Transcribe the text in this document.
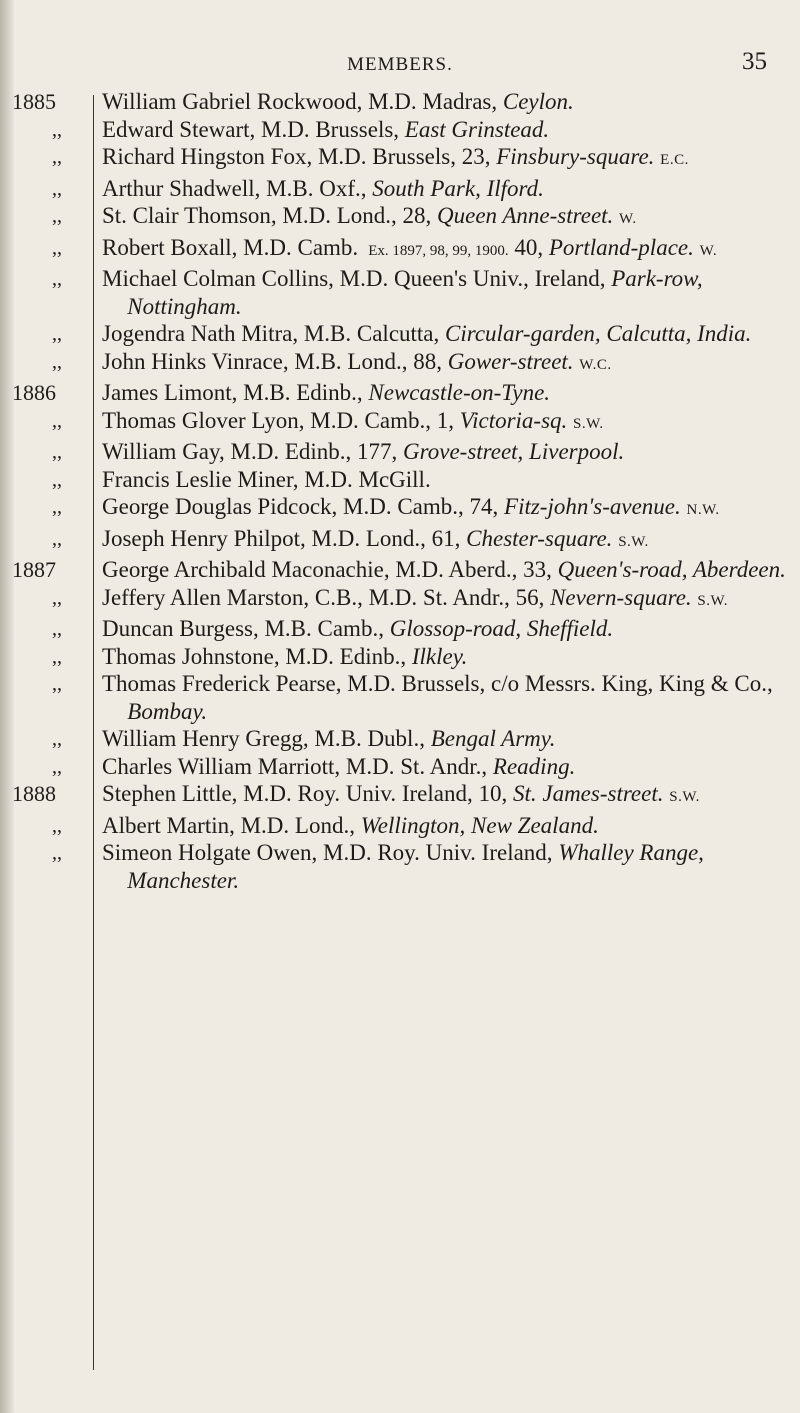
MEMBERS.	35
1885	William Gabriel Rockwood, M.D. Madras, Ceylon.
,,	Edward Stewart, M.D. Brussels, East Grinstead.
,,	Richard Hingston Fox, M.D. Brussels, 23, Finsbury-square. E.C.
,,	Arthur Shadwell, M.B. Oxf., South Park, Ilford.
,,	St. Clair Thomson, M.D. Lond., 28, Queen Anne-street. W.
,,	Robert Boxall, M.D. Camb. Ex. 1897, 98, 99, 1900. 40, Portland-place. W.
,,	Michael Colman Collins, M.D. Queen's Univ., Ireland, Park-row, Nottingham.
,,	Jogendra Nath Mitra, M.B. Calcutta, Circular-garden, Calcutta, India.
,,	John Hinks Vinrace, M.B. Lond., 88, Gower-street. W.C.
1886	James Limont, M.B. Edinb., Newcastle-on-Tyne.
,,	Thomas Glover Lyon, M.D. Camb., 1, Victoria-sq. S.W.
,,	William Gay, M.D. Edinb., 177, Grove-street, Liverpool.
,,	Francis Leslie Miner, M.D. McGill.
,,	George Douglas Pidcock, M.D. Camb., 74, Fitz-john's-avenue. N.W.
,,	Joseph Henry Philpot, M.D. Lond., 61, Chester-square. S.W.
1887	George Archibald Maconachie, M.D. Aberd., 33, Queen's-road, Aberdeen.
,,	Jeffery Allen Marston, C.B., M.D. St. Andr., 56, Nevern-square. S.W.
,,	Duncan Burgess, M.B. Camb., Glossop-road, Sheffield.
,,	Thomas Johnstone, M.D. Edinb., Ilkley.
,,	Thomas Frederick Pearse, M.D. Brussels, c/o Messrs. King, King & Co., Bombay.
,,	William Henry Gregg, M.B. Dubl., Bengal Army.
,,	Charles William Marriott, M.D. St. Andr., Reading.
1888	Stephen Little, M.D. Roy. Univ. Ireland, 10, St. James-street. S.W.
,,	Albert Martin, M.D. Lond., Wellington, New Zealand.
,,	Simeon Holgate Owen, M.D. Roy. Univ. Ireland, Whalley Range, Manchester.
